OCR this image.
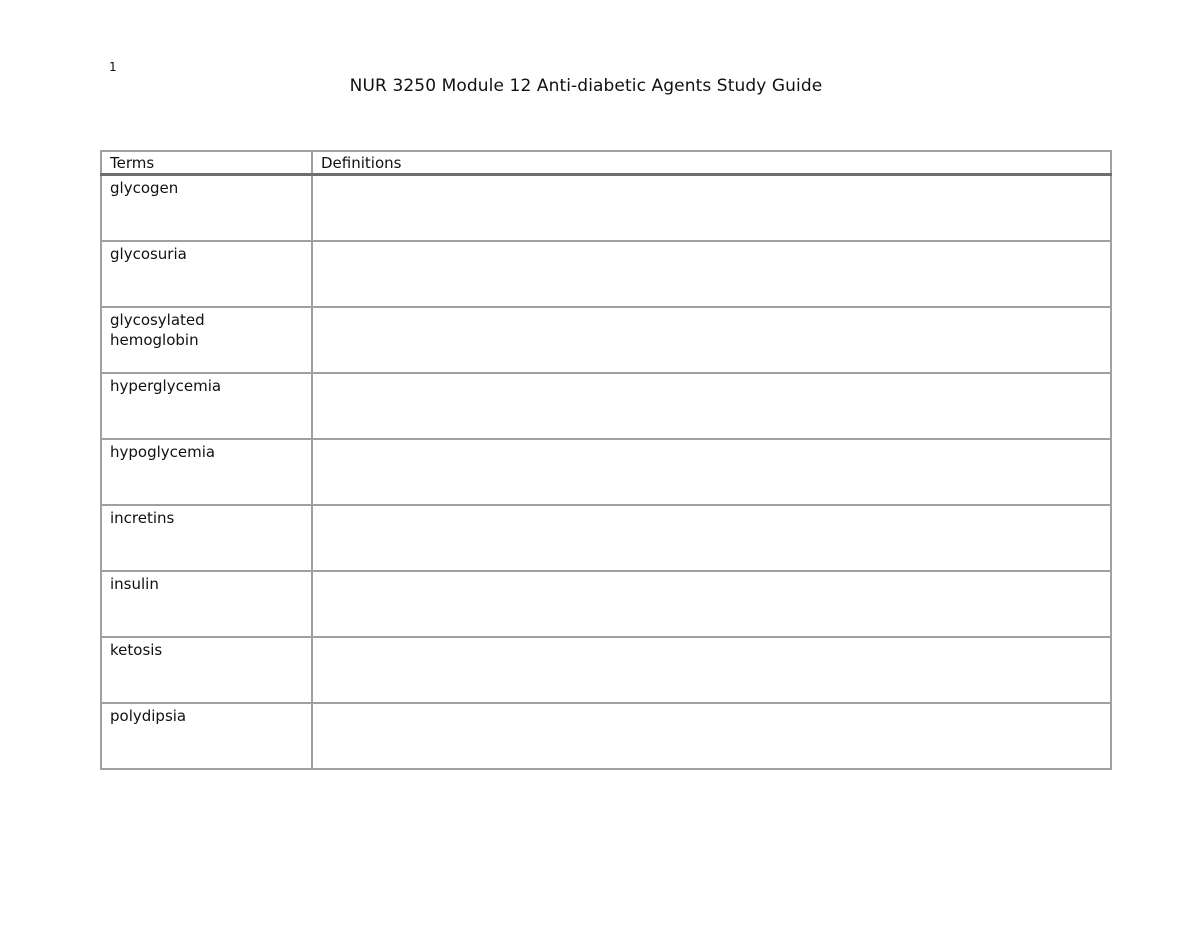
1
NUR 3250 Module 12 Anti-diabetic Agents Study Guide
Terms	Definitions

glycogen	

glycosuria	

glycosylated hemoglobin	

hyperglycemia	

hypoglycemia	

incretins	

insulin	

ketosis	

polydipsia	
